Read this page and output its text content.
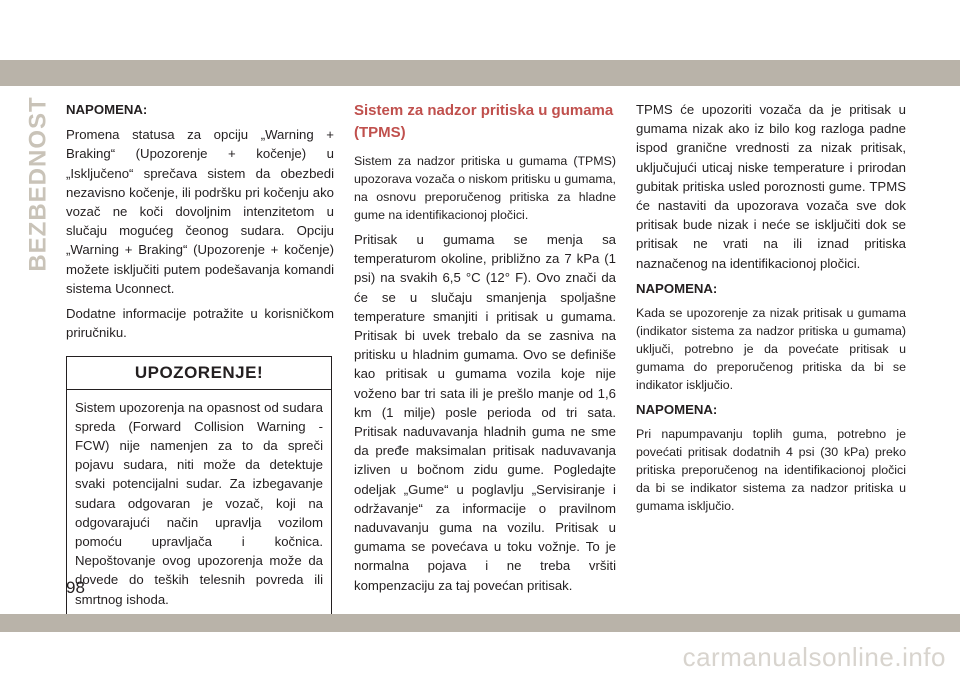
BEZBEDNOST NAPOMENA:

Promena statusa za opciju „Warning + Braking“ (Upozorenje + kočenje) u „Isključeno“ sprečava sistem da obezbedi nezavisno kočenje, ili podršku pri kočenju ako vozač ne koči dovoljnim intenzitetom u slučaju mogućeg čeonog sudara. Opciju „Warning + Braking“ (Upozorenje + kočenje) možete isključiti putem podešavanja komandi sistema Uconnect.

Dodatne informacije potražite u korisničkom priručniku.

UPOZORENJE!
Sistem upozorenja na opasnost od sudara spreda (Forward Collision Warning - FCW) nije namenjen za to da spreči pojavu sudara, niti može da detektuje svaki potencijalni sudar. Za izbegavanje sudara odgovaran je vozač, koji na odgovarajući način upravlja vozilom pomoću upravljača i kočnica. Nepoštovanje ovog upozorenja može da dovede do teških telesnih povreda ili smrtnog ishoda.
Sistem za nadzor pritiska u gumama (TPMS)

Sistem za nadzor pritiska u gumama (TPMS) upozorava vozača o niskom pritisku u gumama, na osnovu preporučenog pritiska za hladne gume na identifikacionoj pločici.

Pritisak u gumama se menja sa temperaturom okoline, približno za 7 kPa (1 psi) na svakih 6,5 °C (12° F). Ovo znači da će se u slučaju smanjenja spoljašne temperature smanjiti i pritisak u gumama. Pritisak bi uvek trebalo da se zasniva na pritisku u hladnim gumama. Ovo se definiše kao pritisak u gumama vozila koje nije voženo bar tri sata ili je prešlo manje od 1,6 km (1 milje) posle perioda od tri sata. Pritisak naduvavanja hladnih guma ne sme da pređe maksimalan pritisak naduvavanja izliven u bočnom zidu gume. Pogledajte odeljak „Gume“ u poglavlju „Servisiranje i održavanje“ za informacije o pravilnom naduvavanju guma na vozilu. Pritisak u gumama se povećava u toku vožnje. To je normalna pojava i ne treba vršiti kompenzaciju za taj povećan pritisak.

TPMS će upozoriti vozača da je pritisak u gumama nizak ako iz bilo kog razloga padne ispod granične vrednosti za nizak pritisak, uključujući uticaj niske temperature i prirodan gubitak pritiska usled poroznosti gume. TPMS će nastaviti da upozorava vozača sve dok pritisak bude nizak i neće se isključiti dok se pritisak ne vrati na ili iznad pritiska naznačenog na identifikacionoj pločici.

NAPOMENA:

Kada se upozorenje za nizak pritisak u gumama (indikator sistema za nadzor pritiska u gumama) uključi, potrebno je da povećate pritisak u gumama do preporučenog pritiska da bi se indikator isključio.

NAPOMENA:

Pri napumpavanju toplih guma, potrebno je povećati pritisak dodatnih 4 psi (30 kPa) preko pritiska preporučenog na identifikacionoj pločici da bi se indikator sistema za nadzor pritiska u gumama isključio.

98
carmanualsonline.info
